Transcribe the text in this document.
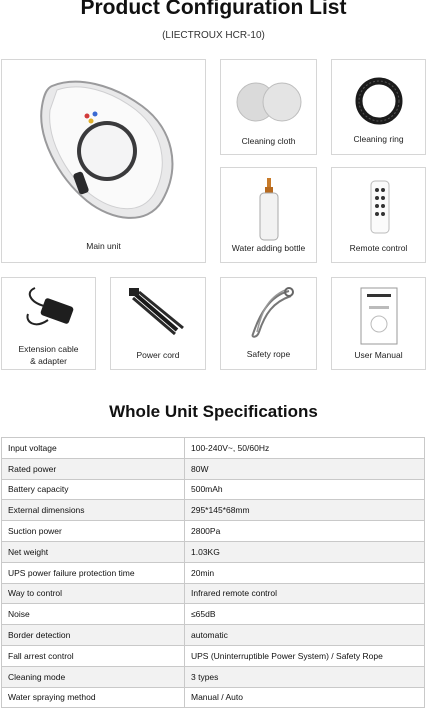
Product Configuration List
(LIECTROUX HCR-10)
Main unit
Cleaning cloth	Cleaning ring
Water adding bottle	Remote control
Extension cable
& adapter
Power cord	Safety rope	User Manual
Whole Unit Specifications
Input voltage	100-240V~, 50/60Hz
Rated power	80W
Battery capacity	500mAh
External dimensions	295*145*68mm
Suction power	2800Pa
Net weight	1.03KG
UPS power failure protection time	20min
Way to control	Infrared remote control
Noise	≤65dB
Border detection	automatic
Fall arrest control	UPS (Uninterruptible Power System) / Safety Rope
Cleaning mode	3 types
Water spraying method	Manual / Auto
